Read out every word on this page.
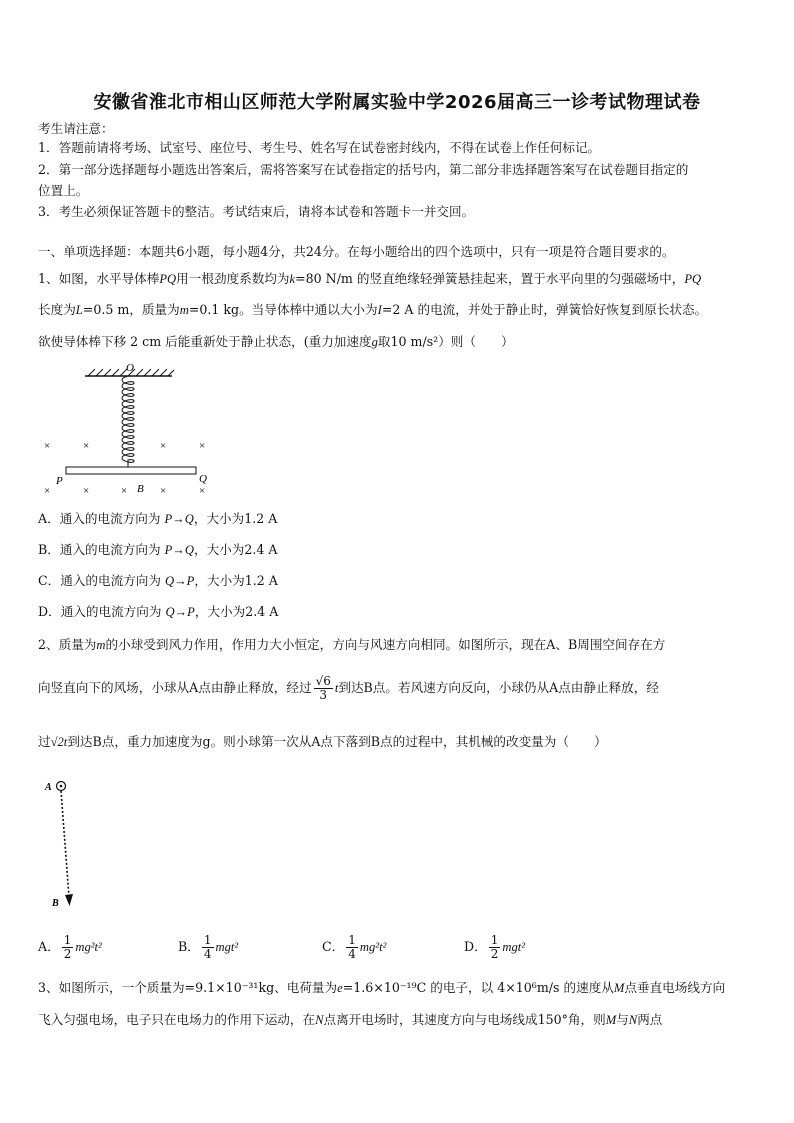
安徽省淮北市相山区师范大学附属实验中学2026届高三一诊考试物理试卷
考生请注意：
1．答题前请将考场、试室号、座位号、考生号、姓名写在试卷密封线内，不得在试卷上作任何标记。
2．第一部分选择题每小题选出答案后，需将答案写在试卷指定的括号内，第二部分非选择题答案写在试卷题目指定的
位置上。
3．考生必须保证答题卡的整洁。考试结束后，请将本试卷和答题卡一并交回。
一、单项选择题：本题共6小题，每小题4分，共24分。在每小题给出的四个选项中，只有一项是符合题目要求的。
1、如图，水平导体棒PQ用一根劲度系数均为k=80 N/m 的竖直绝缘轻弹簧悬挂起来，置于水平向里的匀强磁场中，PQ
长度为L=0.5 m，质量为m=0.1 kg。当导体棒中通以大小为I=2 A 的电流，并处于静止时，弹簧恰好恢复到原长状态。
欲使导体棒下移 2 cm 后能重新处于静止状态，(重力加速度g取10 m/s²）则（　　）
O
P	Q
B
×	×	×	×
×	×	×	×	×
A．通入的电流方向为 P→Q，大小为1.2 A
B．通入的电流方向为 P→Q，大小为2.4 A
C．通入的电流方向为 Q→P，大小为1.2 A
D．通入的电流方向为 Q→P，大小为2.4 A
2、质量为m的小球受到风力作用，作用力大小恒定，方向与风速方向相同。如图所示，现在A、B周围空间存在方
向竖直向下的风场，小球从A点由静止释放，经过 $\frac{√6}{3}$ t到达B点。若风速方向反向，小球仍从A点由静止释放，经
过√2t到达B点，重力加速度为g。则小球第一次从A点下落到B点的过程中，其机械的改变量为（　　）
A
B
A． $\frac{1}{2} mg^2t^2$	B． $\frac{1}{4} mgt^2$	C． $\frac{1}{4} mg^2t^2$	D． $\frac{1}{2} mgt^2$
3、如图所示，一个质量为=9.1×10⁻³¹kg、电荷量为e=1.6×10⁻¹⁹C 的电子，以 4×10⁶m/s 的速度从M点垂直电场线方向
飞入匀强电场，电子只在电场力的作用下运动，在N点离开电场时，其速度方向与电场线成150°角，则M与N两点
